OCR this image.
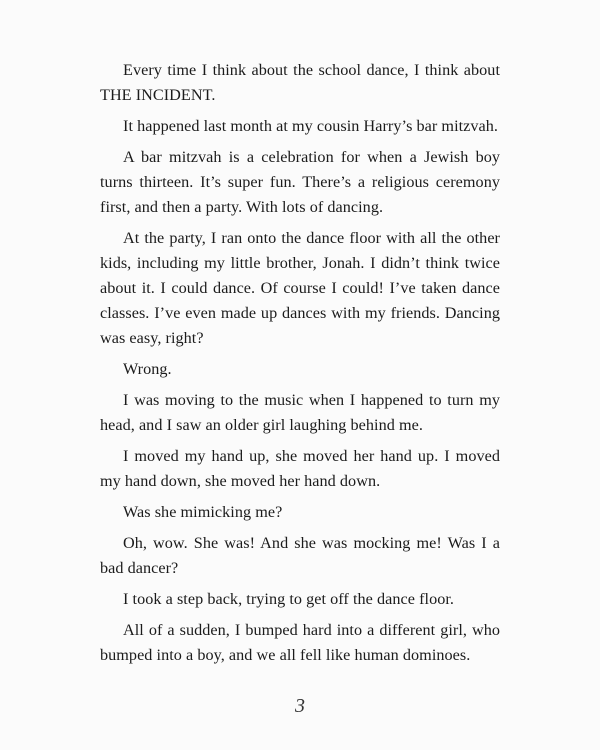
Every time I think about the school dance, I think about THE INCIDENT.

It happened last month at my cousin Harry’s bar mitzvah.

A bar mitzvah is a celebration for when a Jewish boy turns thirteen. It’s super fun. There’s a religious ceremony first, and then a party. With lots of dancing.

At the party, I ran onto the dance floor with all the other kids, including my little brother, Jonah. I didn’t think twice about it. I could dance. Of course I could! I’ve taken dance classes. I’ve even made up dances with my friends. Dancing was easy, right?

Wrong.

I was moving to the music when I happened to turn my head, and I saw an older girl laughing behind me.

I moved my hand up, she moved her hand up. I moved my hand down, she moved her hand down.

Was she mimicking me?

Oh, wow. She was! And she was mocking me! Was I a bad dancer?

I took a step back, trying to get off the dance floor.

All of a sudden, I bumped hard into a different girl, who bumped into a boy, and we all fell like human dominoes.

3
